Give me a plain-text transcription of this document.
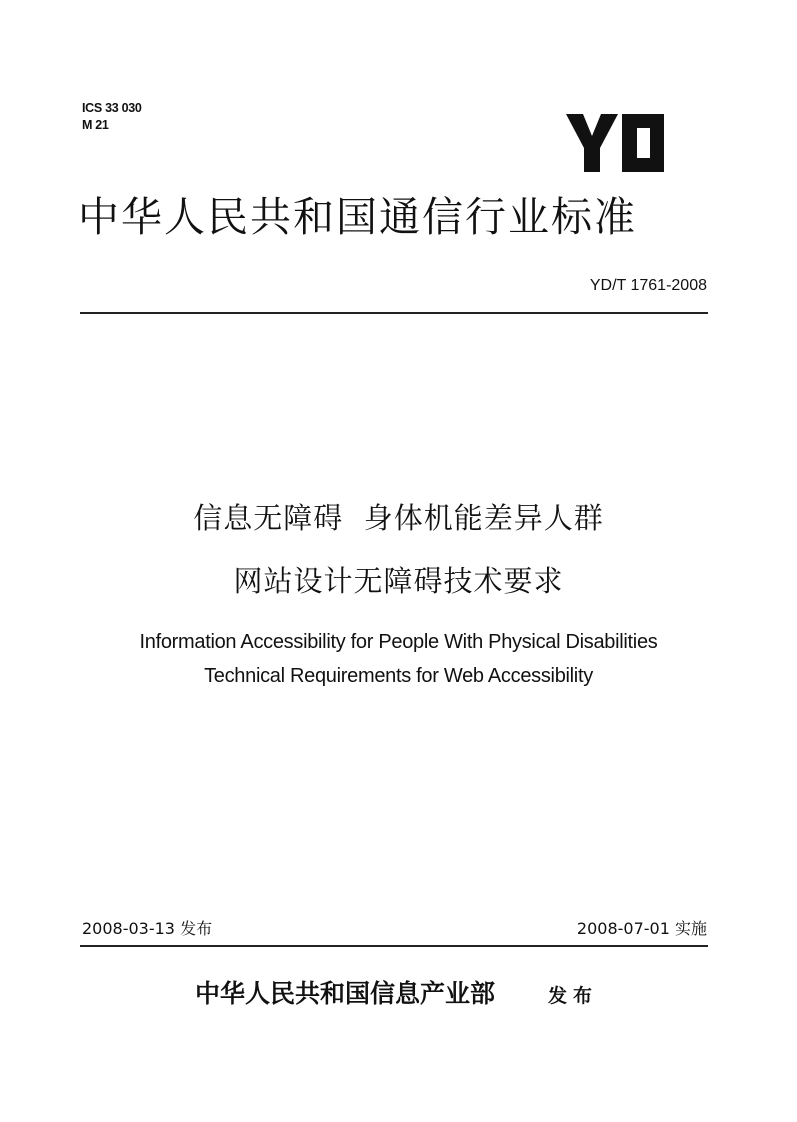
ICS 33 030
M 21
中华人民共和国通信行业标准
YD/T 1761-2008
信息无障碍  身体机能差异人群
网站设计无障碍技术要求
Information Accessibility for People With Physical Disabilities
Technical Requirements for Web Accessibility
2008-03-13 发布	2008-07-01 实施
中华人民共和国信息产业部	发布
